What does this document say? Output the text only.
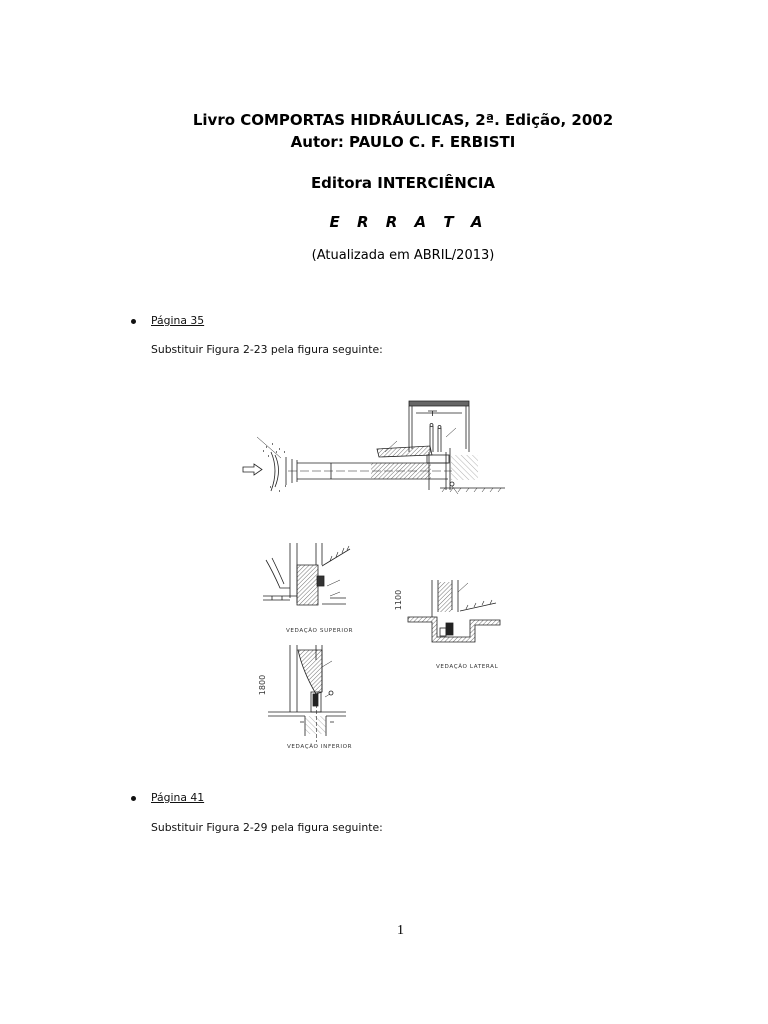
Livro COMPORTAS HIDRÁULICAS, 2ª. Edição, 2002
Autor: PAULO C. F. ERBISTI
Editora INTERCIÊNCIA
E R R A T A
(Atualizada em ABRIL/2013)
Página 35
Substituir Figura 2-23 pela figura seguinte:
VEDAÇÃO SUPERIOR
1100
VEDAÇÃO LATERAL
1800
VEDAÇÃO INFERIOR
Página 41
Substituir Figura 2-29 pela figura seguinte:
1
